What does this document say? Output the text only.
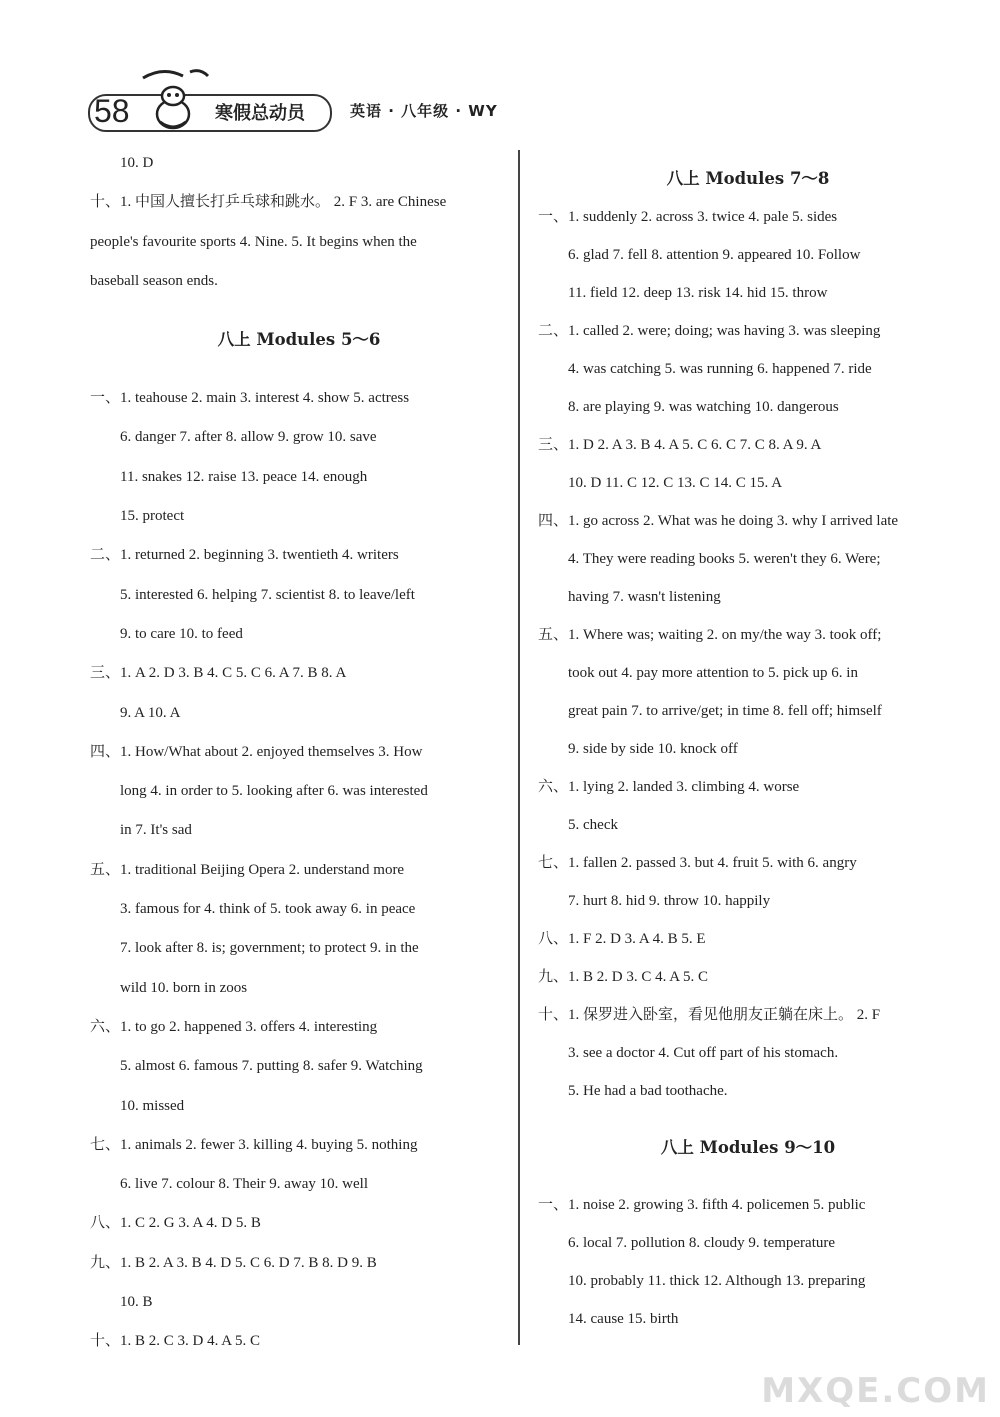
58	寒假总动员	英语 · 八年级 · WY
10. D
十、1. 中国人擅长打乒乓球和跳水。 2. F 3. are Chinese
people's favourite sports 4. Nine. 5. It begins when the
baseball season ends.
八上 Modules 5～6
一、1. teahouse 2. main 3. interest 4. show 5. actress
6. danger 7. after 8. allow 9. grow 10. save
11. snakes 12. raise 13. peace 14. enough
15. protect
二、1. returned 2. beginning 3. twentieth 4. writers
5. interested 6. helping 7. scientist 8. to leave/left
9. to care 10. to feed
三、1. A 2. D 3. B 4. C 5. C 6. A 7. B 8. A
9. A 10. A
四、1. How/What about 2. enjoyed themselves 3. How
long 4. in order to 5. looking after 6. was interested
in 7. It's sad
五、1. traditional Beijing Opera 2. understand more
3. famous for 4. think of 5. took away 6. in peace
7. look after 8. is; government; to protect 9. in the
wild 10. born in zoos
六、1. to go 2. happened 3. offers 4. interesting
5. almost 6. famous 7. putting 8. safer 9. Watching
10. missed
七、1. animals 2. fewer 3. killing 4. buying 5. nothing
6. live 7. colour 8. Their 9. away 10. well
八、1. C 2. G 3. A 4. D 5. B
九、1. B 2. A 3. B 4. D 5. C 6. D 7. B 8. D 9. B
10. B
十、1. B 2. C 3. D 4. A 5. C
八上 Modules 7～8
一、1. suddenly 2. across 3. twice 4. pale 5. sides
6. glad 7. fell 8. attention 9. appeared 10. Follow
11. field 12. deep 13. risk 14. hid 15. throw
二、1. called 2. were; doing; was having 3. was sleeping
4. was catching 5. was running 6. happened 7. ride
8. are playing 9. was watching 10. dangerous
三、1. D 2. A 3. B 4. A 5. C 6. C 7. C 8. A 9. A
10. D 11. C 12. C 13. C 14. C 15. A
四、1. go across 2. What was he doing 3. why I arrived late
4. They were reading books 5. weren't they 6. Were;
having 7. wasn't listening
五、1. Where was; waiting 2. on my/the way 3. took off;
took out 4. pay more attention to 5. pick up 6. in
great pain 7. to arrive/get; in time 8. fell off; himself
9. side by side 10. knock off
六、1. lying 2. landed 3. climbing 4. worse
5. check
七、1. fallen 2. passed 3. but 4. fruit 5. with 6. angry
7. hurt 8. hid 9. throw 10. happily
八、1. F 2. D 3. A 4. B 5. E
九、1. B 2. D 3. C 4. A 5. C
十、1. 保罗进入卧室，看见他朋友正躺在床上。 2. F
3. see a doctor 4. Cut off part of his stomach.
5. He had a bad toothache.
八上 Modules 9～10
一、1. noise 2. growing 3. fifth 4. policemen 5. public
6. local 7. pollution 8. cloudy 9. temperature
10. probably 11. thick 12. Although 13. preparing
14. cause 15. birth
MXQE.COM
